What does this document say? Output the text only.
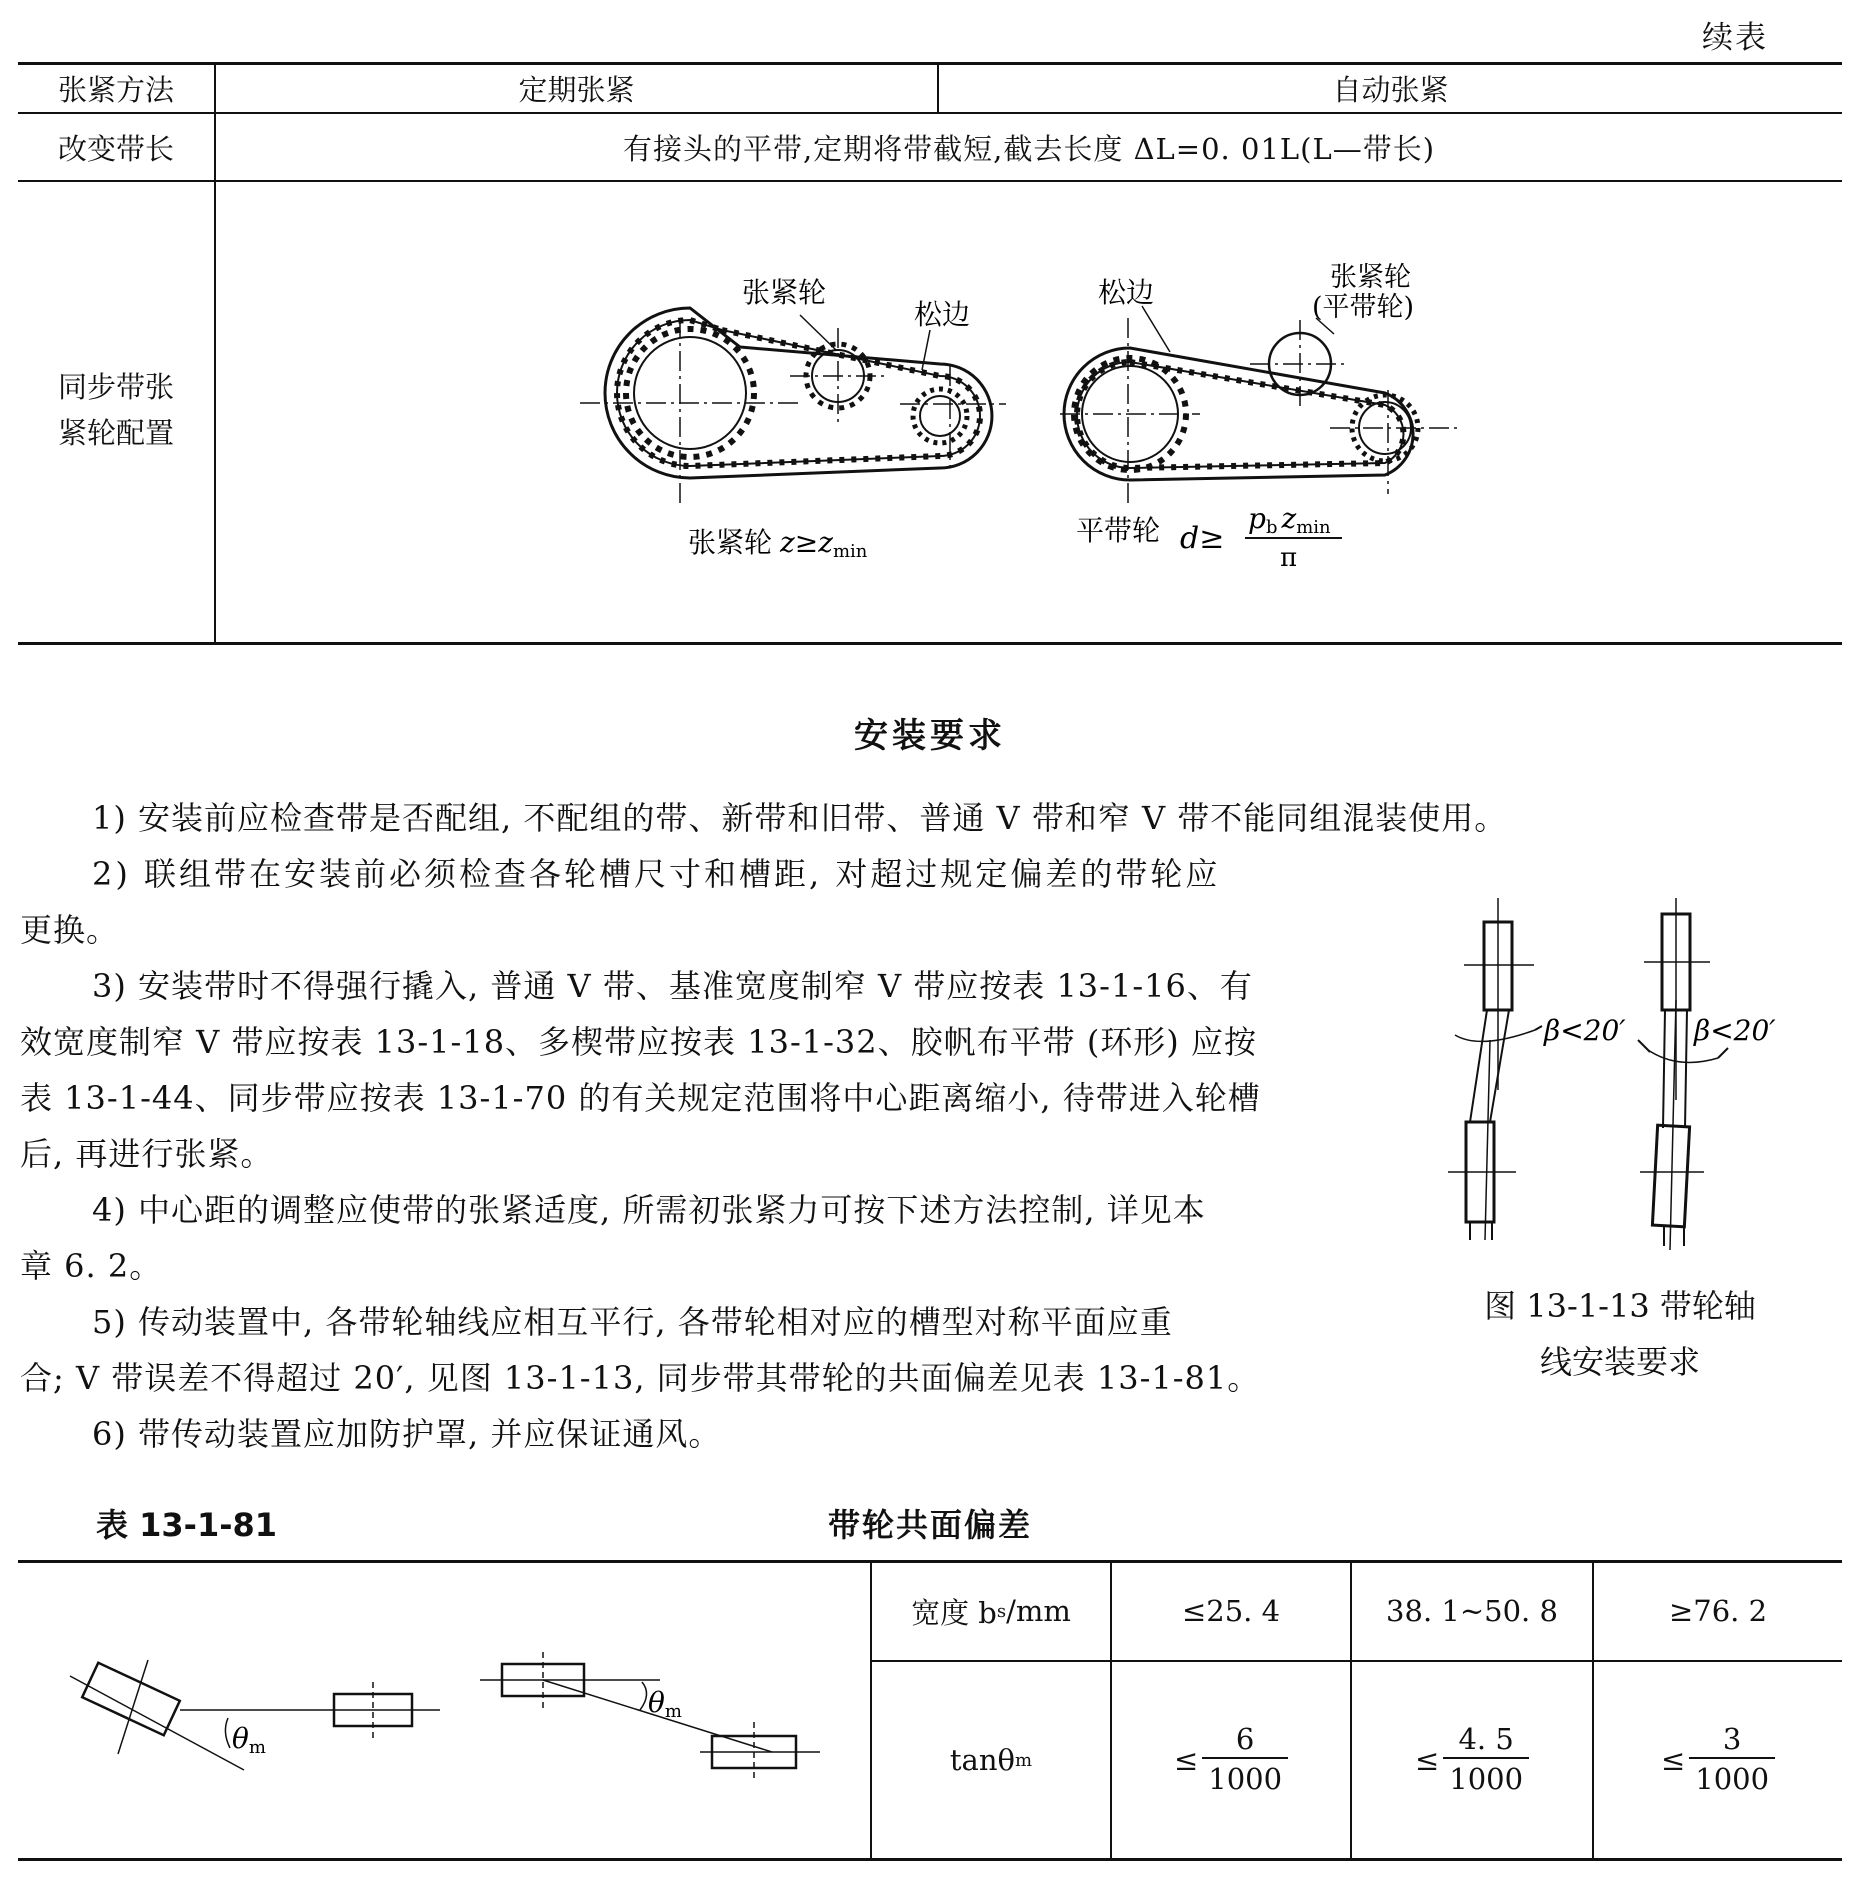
续表
张紧方法	定期张紧	自动张紧
改变带长	有接头的平带,定期将带截短,截去长度 ΔL=0. 01L(L—带长)
同步带张
紧轮配置
张紧轮
松边
张紧轮 z≥zmin
松边	张紧轮
(平带轮)
平带轮 d≥
pb zmin
π
安装要求
1) 安装前应检查带是否配组, 不配组的带、新带和旧带、普通 V 带和窄 V 带不能同组混装使用。
2) 联组带在安装前必须检查各轮槽尺寸和槽距, 对超过规定偏差的带轮应
更换。
3) 安装带时不得强行撬入, 普通 V 带、基准宽度制窄 V 带应按表 13-1-16、有
效宽度制窄 V 带应按表 13-1-18、多楔带应按表 13-1-32、胶帆布平带 (环形) 应按
表 13-1-44、同步带应按表 13-1-70 的有关规定范围将中心距离缩小, 待带进入轮槽
后, 再进行张紧。
4) 中心距的调整应使带的张紧适度, 所需初张紧力可按下述方法控制, 详见本
章 6. 2。
5) 传动装置中, 各带轮轴线应相互平行, 各带轮相对应的槽型对称平面应重
合; V 带误差不得超过 20′, 见图 13-1-13, 同步带其带轮的共面偏差见表 13-1-81。
6) 带传动装置应加防护罩, 并应保证通风。
β<20′ β<20′
图 13-1-13 带轮轴
线安装要求
表 13-1-81	带轮共面偏差
θm
θm
宽度 b s /mm	≤25. 4	38. 1~50. 8	≥76. 2
tanθ m	≤ $\frac{6}{1000}$	≤ $\frac{4. 5}{1000}$	≤ $\frac{3}{1000}$
